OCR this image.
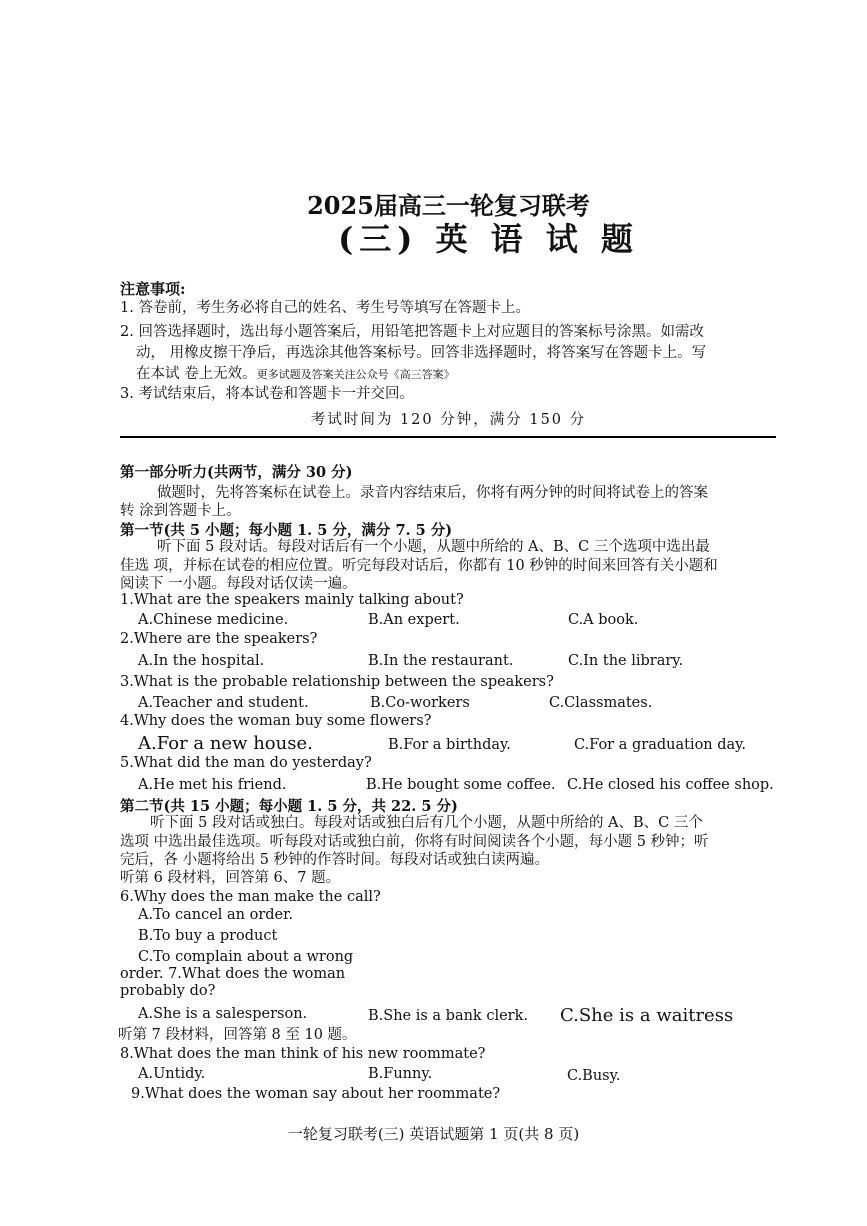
2025届高三一轮复习联考
(三) 英 语 试 题
注意事项:
1. 答卷前，考生务必将自己的姓名、考生号等填写在答题卡上。
2. 回答选择题时，选出每小题答案后，用铅笔把答题卡上对应题目的答案标号涂黑。如需改
动， 用橡皮擦干净后，再选涂其他答案标号。回答非选择题时，将答案写在答题卡上。写
在本试 卷上无效。更多试题及答案关注公众号《高三答案》
3. 考试结束后，将本试卷和答题卡一并交回。
考试时间为 120 分钟，满分 150 分
第一部分听力(共两节，满分 30 分)
做题时，先将答案标在试卷上。录音内容结束后，你将有两分钟的时间将试卷上的答案
转 涂到答题卡上。
第一节(共 5 小题；每小题 1. 5 分，满分 7. 5 分)
听下面 5 段对话。每段对话后有一个小题，从题中所给的 A、B、C 三个选项中选出最
佳选 项，并标在试卷的相应位置。听完每段对话后，你都有 10 秒钟的时间来回答有关小题和
阅读下 一小题。每段对话仅读一遍。
1.What are the speakers mainly talking about?
A.Chinese medicine.	B.An expert.	C.A book.
2.Where are the speakers?
A.In the hospital.	B.In the restaurant.	C.In the library.
3.What is the probable relationship between the speakers?
A.Teacher and student.	B.Co-workers	C.Classmates.
4.Why does the woman buy some flowers?
A.For a new house.	B.For a birthday.	C.For a graduation day.
5.What did the man do yesterday?
A.He met his friend.	B.He bought some coffee. C.He closed his coffee shop.
第二节(共 15 小题；每小题 1. 5 分，共 22. 5 分)
听下面 5 段对话或独白。每段对话或独白后有几个小题，从题中所给的 A、B、C 三个
选项 中选出最佳选项。听每段对话或独白前，你将有时间阅读各个小题，每小题 5 秒钟；听
完后，各 小题将给出 5 秒钟的作答时间。每段对话或独白读两遍。
听第 6 段材料，回答第 6、7 题。
6.Why does the man make the call?
A.To cancel an order.
B.To buy a product
C.To complain about a wrong
order. 7.What does the woman
probably do?
A.She is a salesperson.	B.She is a bank clerk. C.She is a waitress
听第 7 段材料，回答第 8 至 10 题。
8.What does the man think of his new roommate?
A.Untidy.	B.Funny.	C.Busy.
9.What does the woman say about her roommate?
一轮复习联考(三) 英语试题第 1 页(共 8 页)
